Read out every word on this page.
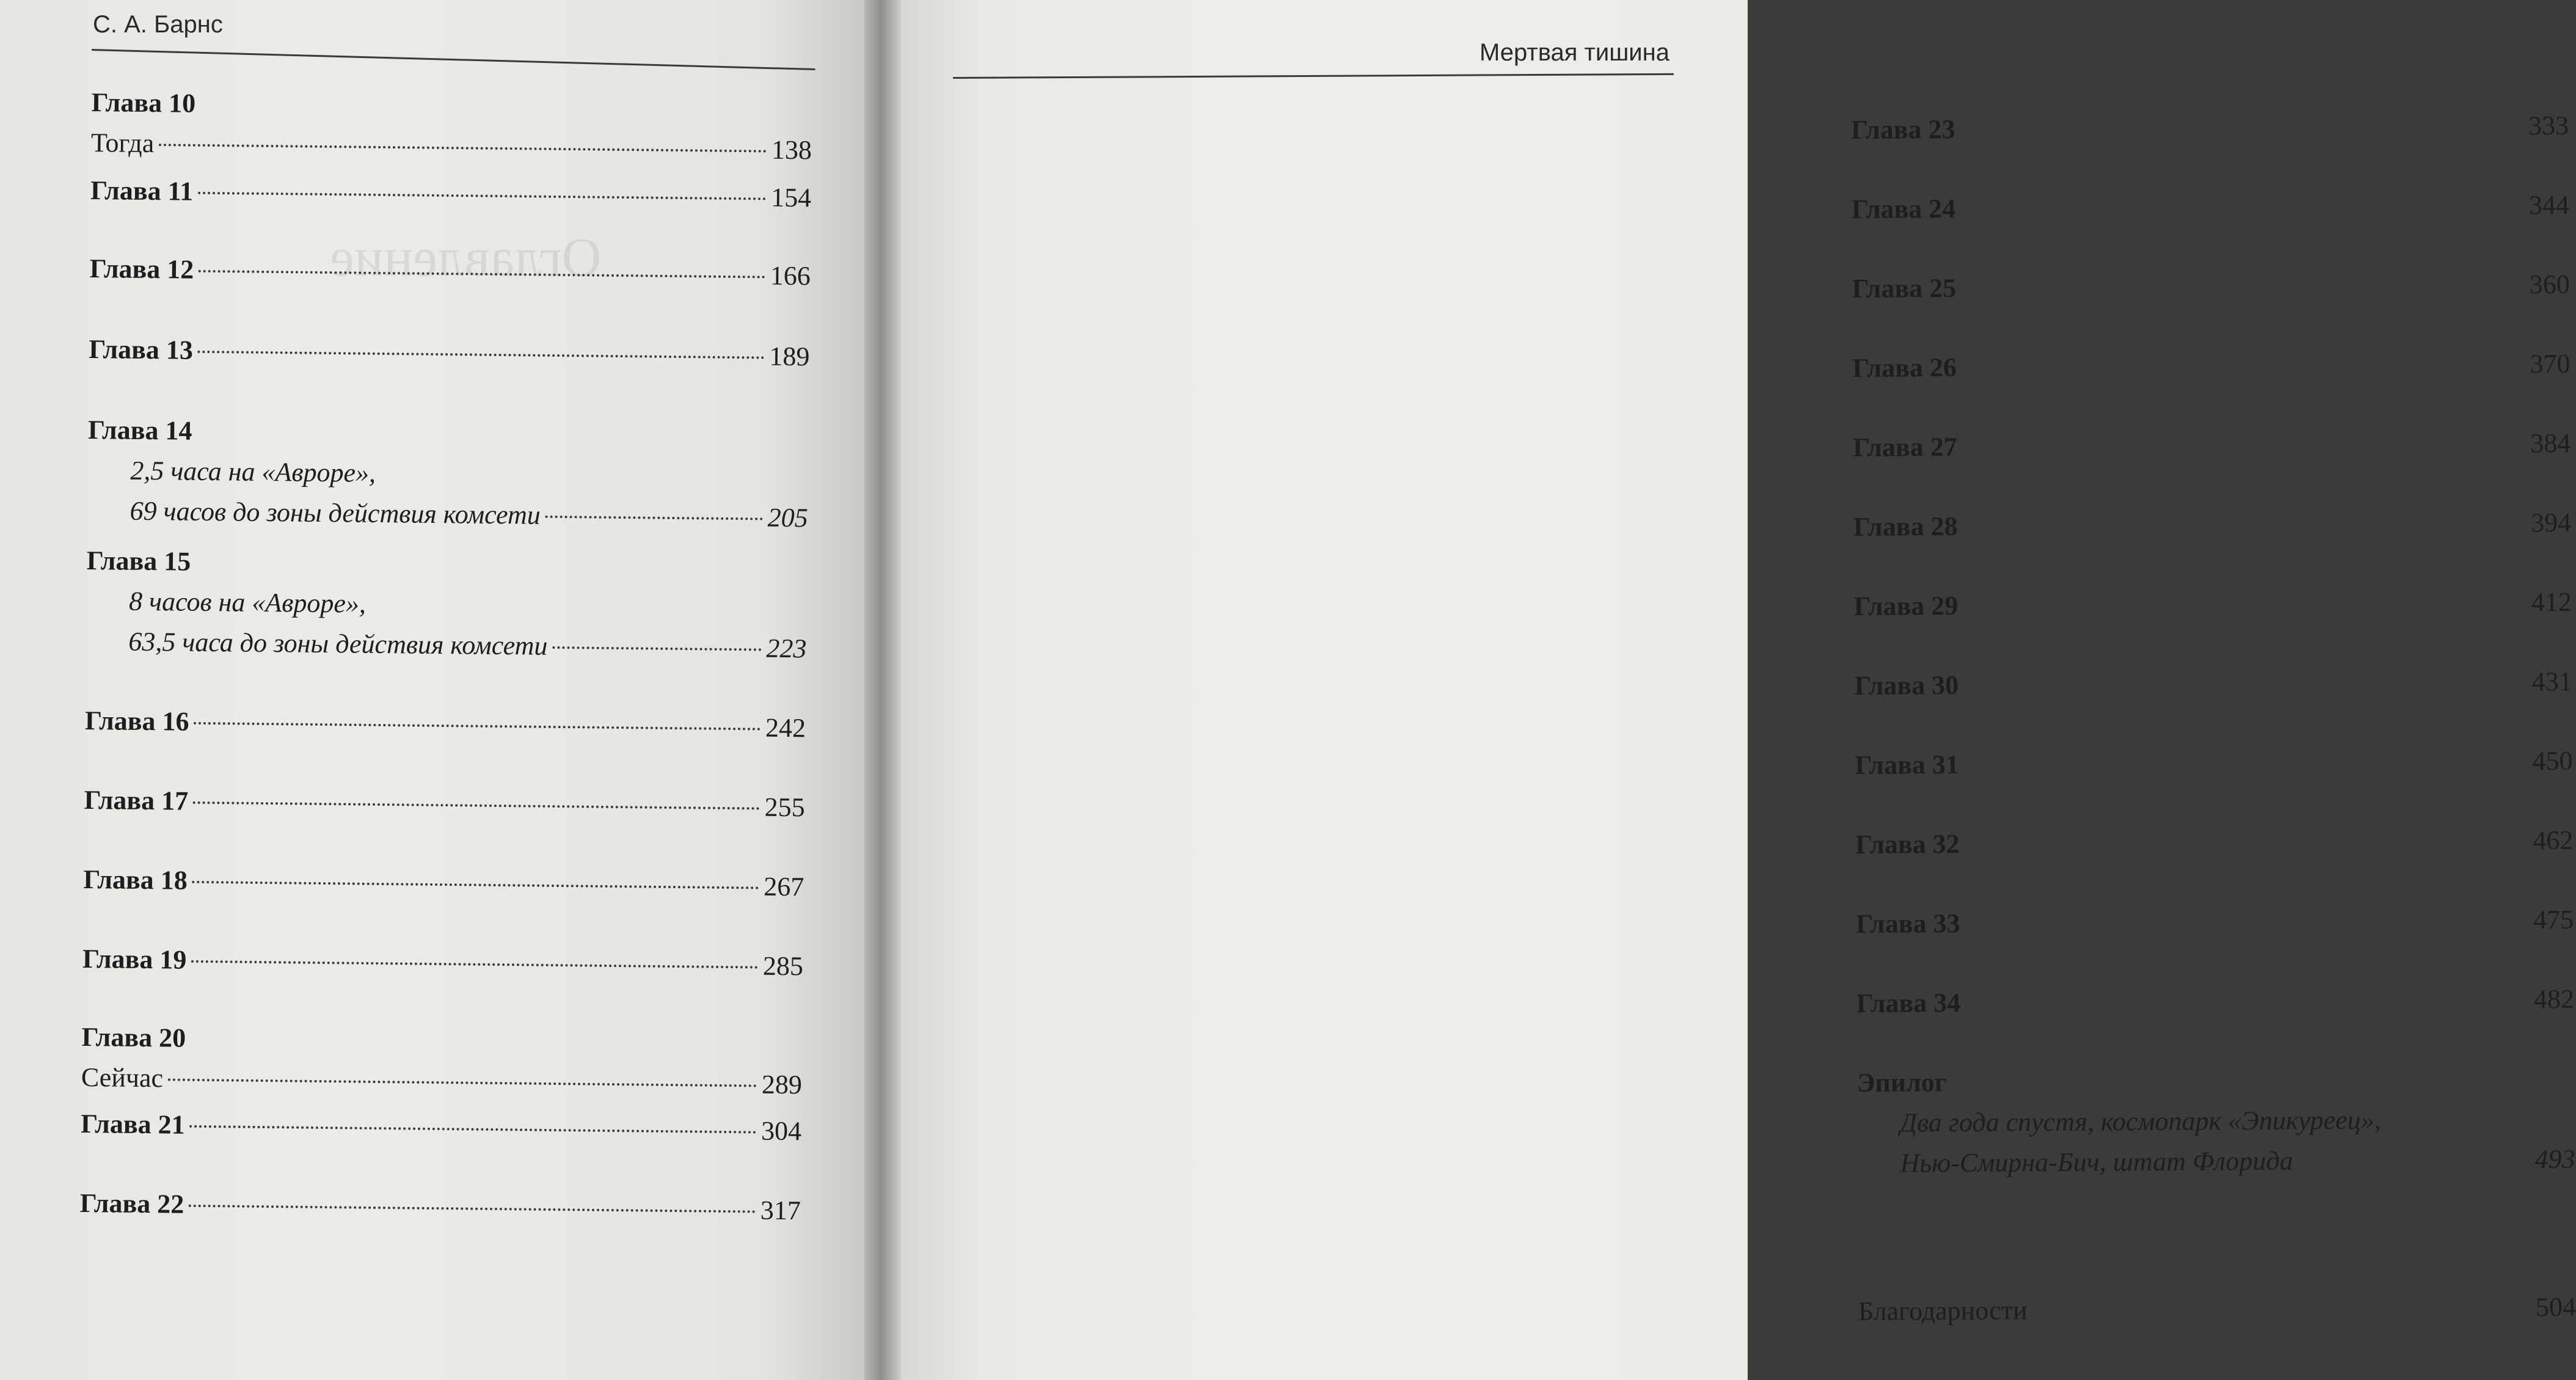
С. А. Барнс
Оглавление
Глава 10
Тогда	138
Глава 11	154
Глава 12	166
Глава 13	189
Глава 14
2,5 часа на «Авроре»,
69 часов до зоны действия комсети	205
Глава 15
8 часов на «Авроре»,
63,5 часа до зоны действия комсети	223
Глава 16	242
Глава 17	255
Глава 18	267
Глава 19	285
Глава 20
Сейчас	289
Глава 21	304
Глава 22	317
Мертвая тишина
Глава 23	333
Глава 24	344
Глава 25	360
Глава 26	370
Глава 27	384
Глава 28	394
Глава 29	412
Глава 30	431
Глава 31	450
Глава 32	462
Глава 33	475
Глава 34	482
Эпилог
Два года спустя, космопарк «Эпикуреец»,
Нью-Смирна-Бич, штат Флорида	493
Благодарности	504
